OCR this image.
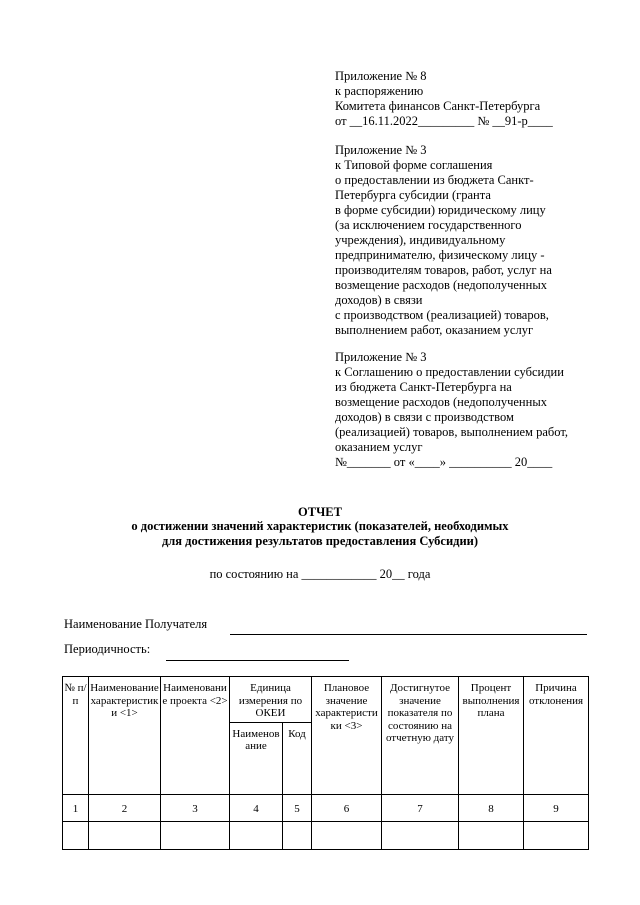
Приложение № 8
к распоряжению
Комитета финансов Санкт-Петербурга
от __16.11.2022_________ № __91-р____
Приложение № 3
к Типовой форме соглашения
о предоставлении из бюджета Санкт-
Петербурга субсидии (гранта
в форме субсидии) юридическому лицу
(за исключением государственного
учреждения), индивидуальному
предпринимателю, физическому лицу -
производителям товаров, работ, услуг на
возмещение расходов (недополученных
доходов) в связи
с производством (реализацией) товаров,
выполнением работ, оказанием услуг
Приложение № 3
к Соглашению о предоставлении субсидии
из бюджета Санкт-Петербурга на
возмещение расходов (недополученных
доходов) в связи с производством
(реализацией) товаров, выполнением работ,
оказанием услуг
№_______ от «____» __________ 20____
ОТЧЕТ
о достижении значений характеристик (показателей, необходимых
для достижения результатов предоставления Субсидии)
по состоянию на ____________ 20__ года
Наименование Получателя
Периодичность:
№ п/п	Наименование характеристики <1>	Наименование проекта <2>	Единица измерения по ОКЕИ		Плановое значение характеристики <3>	Достигнутое значение показателя по состоянию на отчетную дату	Процент выполнения плана	Причина отклонения
			Наименование	Код				
1	2	3	4	5	6	7	8	9
